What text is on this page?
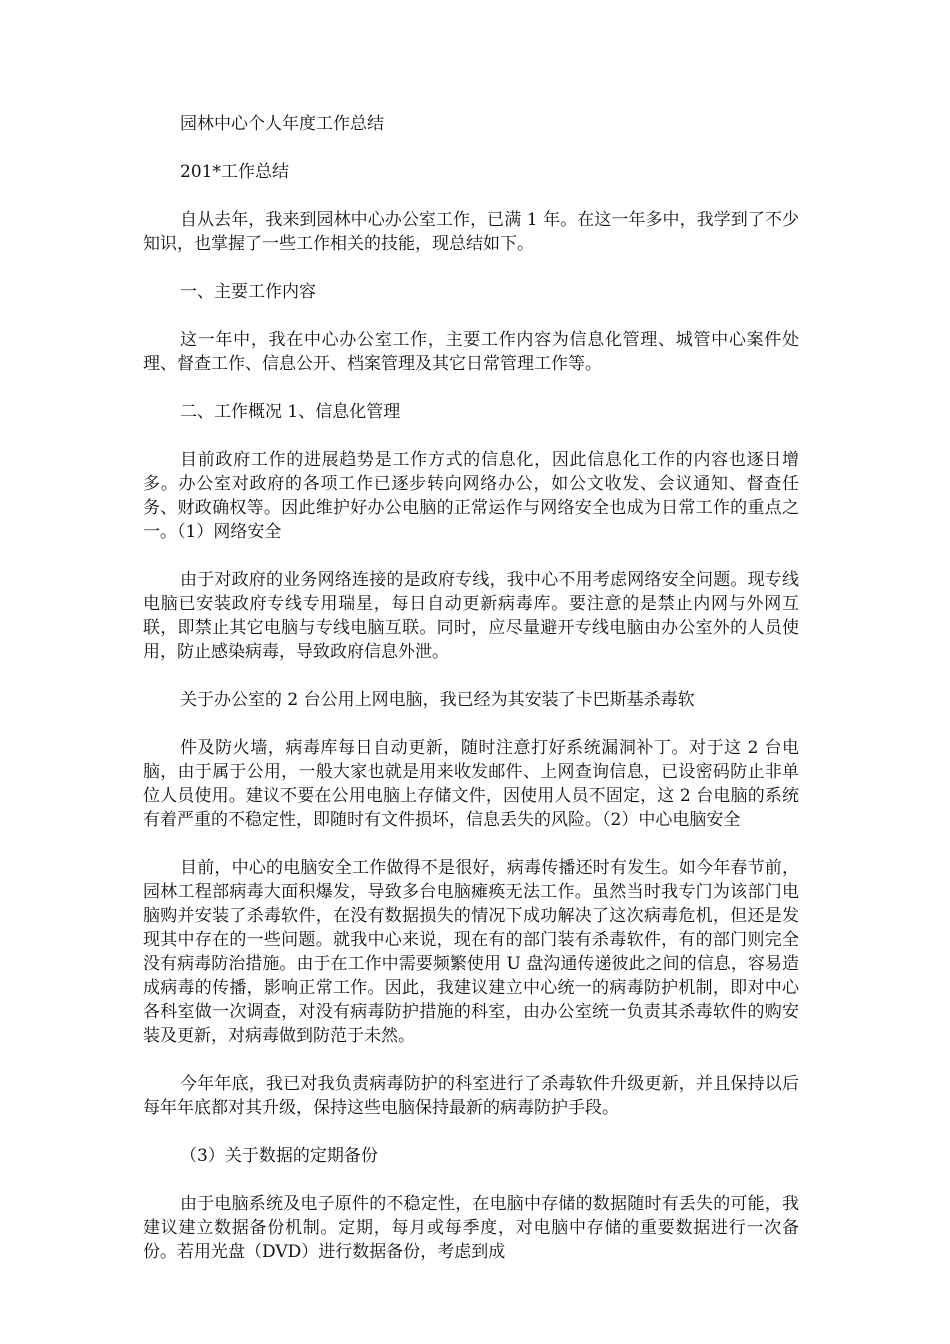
园林中心个人年度工作总结

201*工作总结

自从去年，我来到园林中心办公室工作，已满 1 年。在这一年多中，我学到了不少知识，也掌握了一些工作相关的技能，现总结如下。

一、主要工作内容

这一年中，我在中心办公室工作，主要工作内容为信息化管理、城管中心案件处理、督查工作、信息公开、档案管理及其它日常管理工作等。

二、工作概况 1、信息化管理

目前政府工作的进展趋势是工作方式的信息化，因此信息化工作的内容也逐日增多。办公室对政府的各项工作已逐步转向网络办公，如公文收发、会议通知、督查任务、财政确权等。因此维护好办公电脑的正常运作与网络安全也成为日常工作的重点之一。（1）网络安全

由于对政府的业务网络连接的是政府专线，我中心不用考虑网络安全问题。现专线电脑已安装政府专线专用瑞星，每日自动更新病毒库。要注意的是禁止内网与外网互联，即禁止其它电脑与专线电脑互联。同时，应尽量避开专线电脑由办公室外的人员使用，防止感染病毒，导致政府信息外泄。

关于办公室的 2 台公用上网电脑，我已经为其安装了卡巴斯基杀毒软

件及防火墙，病毒库每日自动更新，随时注意打好系统漏洞补丁。对于这 2 台电脑，由于属于公用，一般大家也就是用来收发邮件、上网查询信息，已设密码防止非单位人员使用。建议不要在公用电脑上存储文件，因使用人员不固定，这 2 台电脑的系统有着严重的不稳定性，即随时有文件损坏，信息丢失的风险。（2）中心电脑安全

目前，中心的电脑安全工作做得不是很好，病毒传播还时有发生。如今年春节前，园林工程部病毒大面积爆发，导致多台电脑瘫痪无法工作。虽然当时我专门为该部门电脑购并安装了杀毒软件，在没有数据损失的情况下成功解决了这次病毒危机，但还是发现其中存在的一些问题。就我中心来说，现在有的部门装有杀毒软件，有的部门则完全没有病毒防治措施。由于在工作中需要频繁使用 U 盘沟通传递彼此之间的信息，容易造成病毒的传播，影响正常工作。因此，我建议建立中心统一的病毒防护机制，即对中心各科室做一次调查，对没有病毒防护措施的科室，由办公室统一负责其杀毒软件的购安装及更新，对病毒做到防范于未然。

今年年底，我已对我负责病毒防护的科室进行了杀毒软件升级更新，并且保持以后每年年底都对其升级，保持这些电脑保持最新的病毒防护手段。

（3）关于数据的定期备份

由于电脑系统及电子原件的不稳定性，在电脑中存储的数据随时有丢失的可能，我建议建立数据备份机制。定期，每月或每季度，对电脑中存储的重要数据进行一次备份。若用光盘（DVD）进行数据备份，考虑到成
